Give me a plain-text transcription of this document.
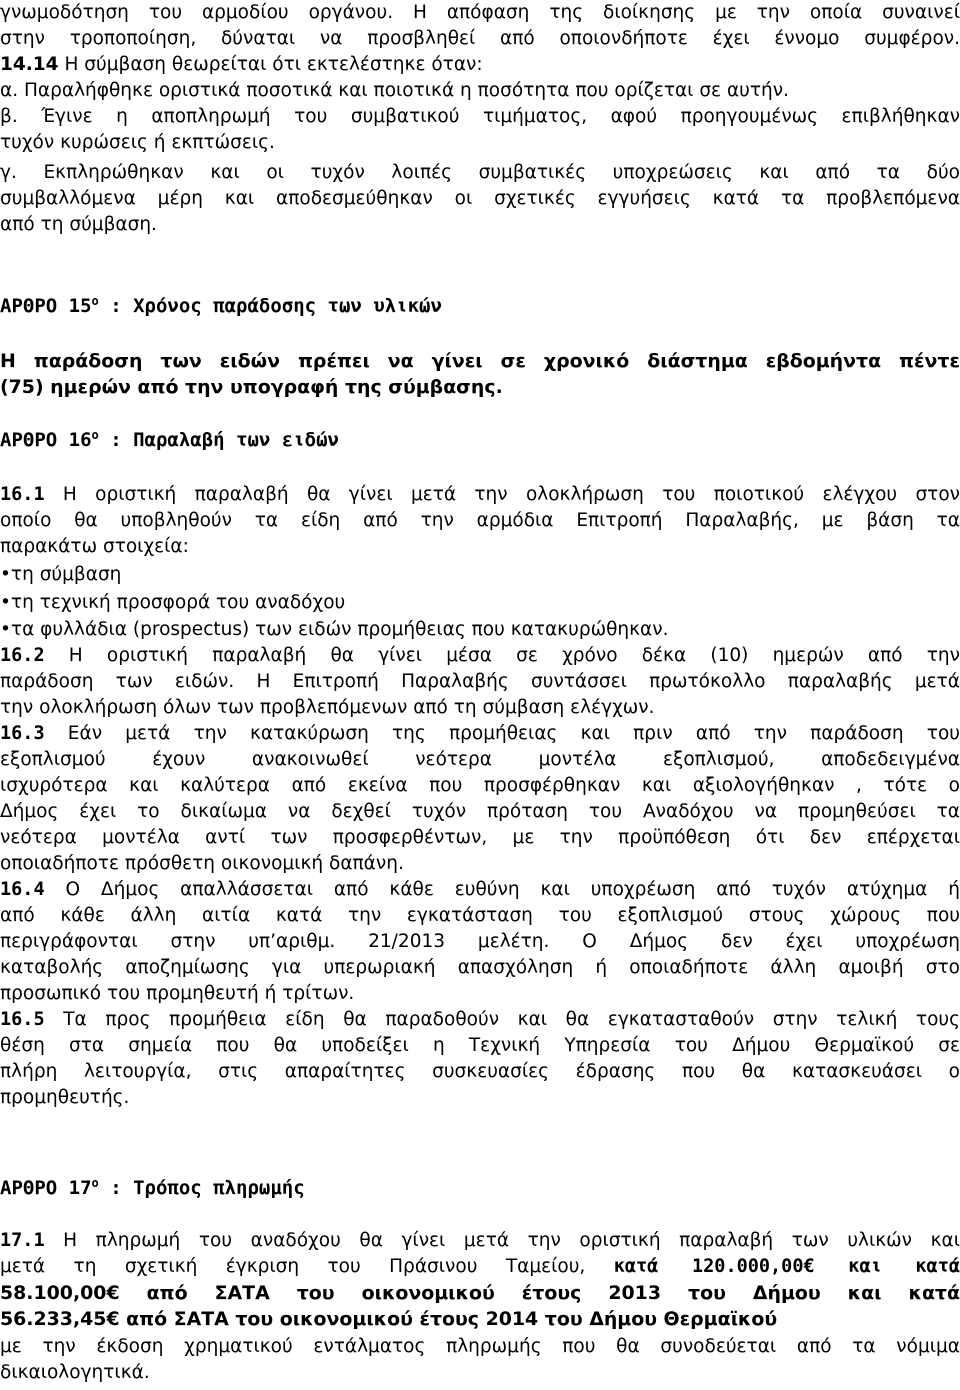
γνωμοδότηση του αρμοδίου οργάνου. Η απόφαση της διοίκησης με την οποία συναινεί
στην τροποποίηση, δύναται να προσβληθεί από οποιονδήποτε έχει έννομο συμφέρον.
14.14 Η σύμβαση θεωρείται ότι εκτελέστηκε όταν:
α. Παραλήφθηκε οριστικά ποσοτικά και ποιοτικά η ποσότητα που ορίζεται σε αυτήν.
β. Έγινε η αποπληρωμή του συμβατικού τιμήματος, αφού προηγουμένως επιβλήθηκαν
τυχόν κυρώσεις ή εκπτώσεις.
γ. Εκπληρώθηκαν και οι τυχόν λοιπές συμβατικές υποχρεώσεις και από τα δύο
συμβαλλόμενα μέρη και αποδεσμεύθηκαν οι σχετικές εγγυήσεις κατά τα προβλεπόμενα
από τη σύμβαση.
ΑΡΘΡΟ $15^o$ : Χρόνος παράδοσης των υλικών
Η παράδοση των ειδών πρέπει να γίνει σε χρονικό διάστημα εβδομήντα πέντε
(75) ημερών από την υπογραφή της σύμβασης.
ΑΡΘΡΟ $16^o$ : Παραλαβή των ειδών
16.1 Η οριστική παραλαβή θα γίνει μετά την ολοκλήρωση του ποιοτικού ελέγχου στον
οποίο θα υποβληθούν τα είδη από την αρμόδια Επιτροπή Παραλαβής, με βάση τα
παρακάτω στοιχεία:
•τη σύμβαση
•τη τεχνική προσφορά του αναδόχου
•τα φυλλάδια (prospectus) των ειδών προμήθειας που κατακυρώθηκαν.
16.2 Η οριστική παραλαβή θα γίνει μέσα σε χρόνο δέκα (10) ημερών από την
παράδοση των ειδών. Η Επιτροπή Παραλαβής συντάσσει πρωτόκολλο παραλαβής μετά
την ολοκλήρωση όλων των προβλεπόμενων από τη σύμβαση ελέγχων.
16.3 Εάν μετά την κατακύρωση της προμήθειας και πριν από την παράδοση του
εξοπλισμού έχουν ανακοινωθεί νεότερα μοντέλα εξοπλισμού, αποδεδειγμένα
ισχυρότερα και καλύτερα από εκείνα που προσφέρθηκαν και αξιολογήθηκαν , τότε ο
Δήμος έχει το δικαίωμα να δεχθεί τυχόν πρόταση του Αναδόχου να προμηθεύσει τα
νεότερα μοντέλα αντί των προσφερθέντων, με την προϋπόθεση ότι δεν επέρχεται
οποιαδήποτε πρόσθετη οικονομική δαπάνη.
16.4 Ο Δήμος απαλλάσσεται από κάθε ευθύνη και υποχρέωση από τυχόν ατύχημα ή
από κάθε άλλη αιτία κατά την εγκατάσταση του εξοπλισμού στους χώρους που
περιγράφονται στην υπ’αριθμ. 21/2013 μελέτη. Ο Δήμος δεν έχει υποχρέωση
καταβολής αποζημίωσης για υπερωριακή απασχόληση ή οποιαδήποτε άλλη αμοιβή στο
προσωπικό του προμηθευτή ή τρίτων.
16.5 Τα προς προμήθεια είδη θα παραδοθούν και θα εγκατασταθούν στην τελική τους
θέση στα σημεία που θα υποδείξει η Τεχνική Υπηρεσία του Δήμου Θερμαϊκού σε
πλήρη λειτουργία, στις απαραίτητες συσκευασίες έδρασης που θα κατασκευάσει ο
προμηθευτής.
ΑΡΘΡΟ $17^o$ : Τρόπος πληρωμής
17.1 Η πληρωμή του αναδόχου θα γίνει μετά την οριστική παραλαβή των υλικών και
μετά τη σχετική έγκριση του Πράσινου Ταμείου, κατά 120.000,00€ και κατά
58.100,00€ από ΣΑΤΑ του οικονομικού έτους 2013 του Δήμου και κατά
56.233,45€ από ΣΑΤΑ του οικονομικού έτους 2014 του Δήμου Θερμαϊκού
με την έκδοση χρηματικού εντάλματος πληρωμής που θα συνοδεύεται από τα νόμιμα
δικαιολογητικά.
